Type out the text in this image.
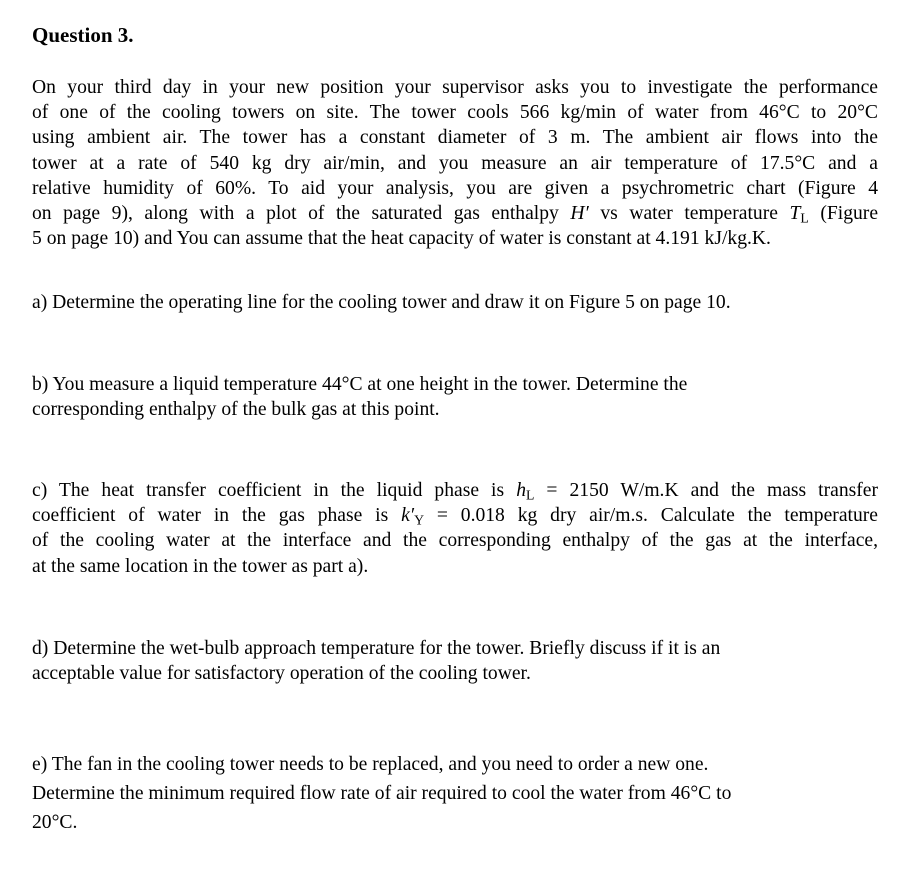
Question 3.

On your third day in your new position your supervisor asks you to investigate the performance
of one of the cooling towers on site. The tower cools 566 kg/min of water from 46°C to 20°C
using ambient air. The tower has a constant diameter of 3 m. The ambient air flows into the
tower at a rate of 540 kg dry air/min, and you measure an air temperature of 17.5°C and a
relative humidity of 60%. To aid your analysis, you are given a psychrometric chart (Figure 4
on page 9), along with a plot of the saturated gas enthalpy H′ vs water temperature $T_L$ (Figure
5 on page 10) and You can assume that the heat capacity of water is constant at 4.191 kJ/kg.K.

a) Determine the operating line for the cooling tower and draw it on Figure 5 on page 10.

b) You measure a liquid temperature 44°C at one height in the tower. Determine the
corresponding enthalpy of the bulk gas at this point.

c) The heat transfer coefficient in the liquid phase is $h_L = 2150$ W/m.K and the mass transfer
coefficient of water in the gas phase is $k'_Y = 0.018$ kg dry air/m.s. Calculate the temperature
of the cooling water at the interface and the corresponding enthalpy of the gas at the interface,
at the same location in the tower as part a).

d) Determine the wet-bulb approach temperature for the tower. Briefly discuss if it is an
acceptable value for satisfactory operation of the cooling tower.

e) The fan in the cooling tower needs to be replaced, and you need to order a new one.
Determine the minimum required flow rate of air required to cool the water from 46°C to
20°C.
